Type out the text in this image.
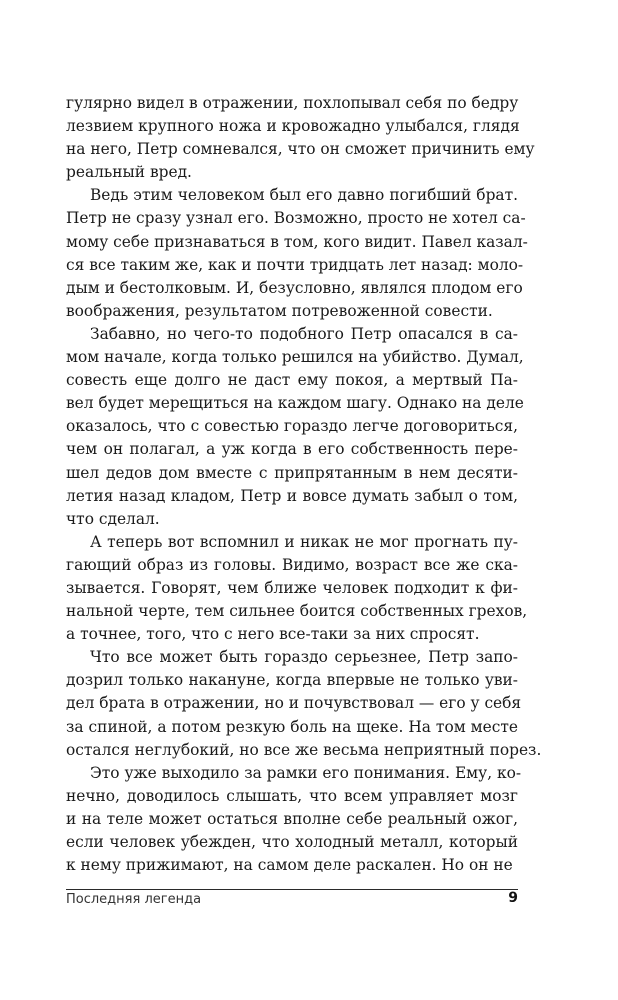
гулярно видел в отражении, похлопывал себя по бедру
лезвием крупного ножа и кровожадно улыбался, глядя
на него, Петр сомневался, что он сможет причинить ему
реальный вред.

Ведь этим человеком был его давно погибший брат.
Петр не сразу узнал его. Возможно, просто не хотел са-
мому себе признаваться в том, кого видит. Павел казал-
ся все таким же, как и почти тридцать лет назад: моло-
дым и бестолковым. И, безусловно, являлся плодом его
воображения, результатом потревоженной совести.

Забавно, но чего-то подобного Петр опасался в са-
мом начале, когда только решился на убийство. Думал,
совесть еще долго не даст ему покоя, а мертвый Па-
вел будет мерещиться на каждом шагу. Однако на деле
оказалось, что с совестью гораздо легче договориться,
чем он полагал, а уж когда в его собственность пере-
шел дедов дом вместе с припрятанным в нем десяти-
летия назад кладом, Петр и вовсе думать забыл о том,
что сделал.

А теперь вот вспомнил и никак не мог прогнать пу-
гающий образ из головы. Видимо, возраст все же ска-
зывается. Говорят, чем ближе человек подходит к фи-
нальной черте, тем сильнее боится собственных грехов,
а точнее, того, что с него все-таки за них спросят.

Что все может быть гораздо серьезнее, Петр запо-
дозрил только накануне, когда впервые не только уви-
дел брата в отражении, но и почувствовал — его у себя
за спиной, а потом резкую боль на щеке. На том месте
остался неглубокий, но все же весьма неприятный порез.

Это уже выходило за рамки его понимания. Ему, ко-
нечно, доводилось слышать, что всем управляет мозг
и на теле может остаться вполне себе реальный ожог,
если человек убежден, что холодный металл, который
к нему прижимают, на самом деле раскален. Но он не

Последняя легенда	9
